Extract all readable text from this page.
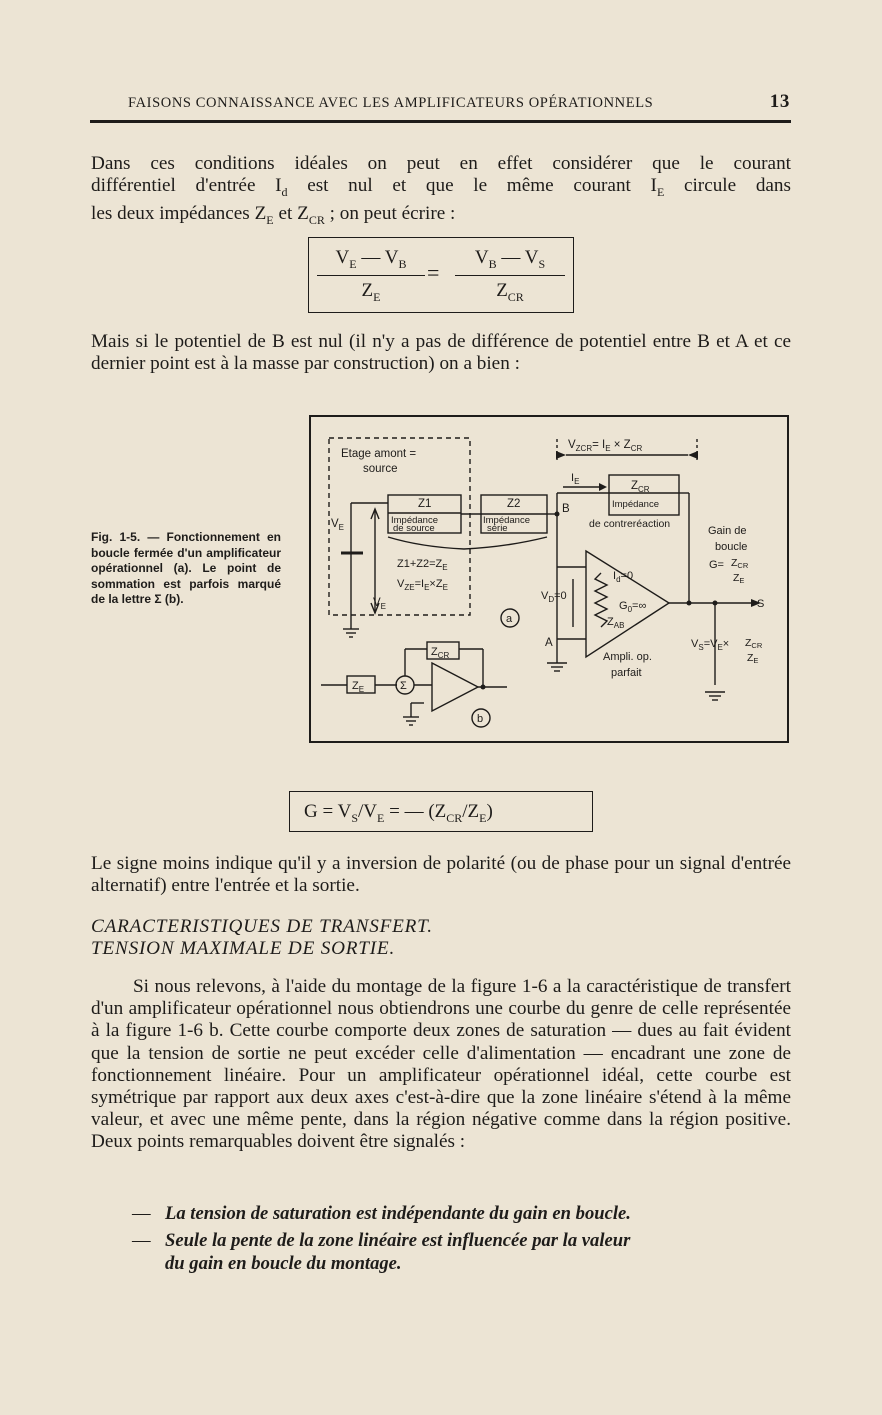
FAISONS CONNAISSANCE AVEC LES AMPLIFICATEURS OPÉRATIONNELS	13
Dans ces conditions idéales on peut en effet considérer que le courant
différentiel d'entrée $I_d$ est nul et que le même courant $I_E$ circule dans
les deux impédances $Z_E$ et $Z_{CR}$ ; on peut écrire :
$\frac{V_E — V_B}{Z_E}$ =
$V_B$ — $V_S$
$Z_{CR}$
Mais si le potentiel de B est nul (il n'y a pas de différence de potentiel entre B et A et ce dernier point est à la masse par construction) on a bien :
Fig. 1-5. — Fonctionnement en boucle fermée d'un amplificateur opérationnel (a). Le point de sommation est parfois marqué de la lettre Σ (b).
Etage amont =
source
$V_{ZCR}= I_E \times Z_{CR}$
$I_E$
Z1
Impédance
de source
Z2
Impédance
série
$Z_{CR}$
Impédance
de contreréaction
B
A
$V_E$
$V_E$
$Z1+Z2=Z_E$
$V_{ZE}=I_E\times Z_E$
$V_D=0$
$I_d=0$
$G_0=\infty$
$Z_{AB}$
Ampli. op.
parfait
Gain de
boucle
G= ZCR
ZE
S
$V_S=V_E\times$ ZCR
ZE
a
b
Σ
$Z_E$
$Z_{CR}$
$G = V_S/V_E$ = — $(Z_{CR}/Z_E)$
Le signe moins indique qu'il y a inversion de polarité (ou de phase pour un signal d'entrée alternatif) entre l'entrée et la sortie.
CARACTERISTIQUES DE TRANSFERT.
TENSION MAXIMALE DE SORTIE.
Si nous relevons, à l'aide du montage de la figure 1-6 a la caractéristique de transfert d'un amplificateur opérationnel nous obtiendrons une courbe du genre de celle représentée à la figure 1-6 b. Cette courbe comporte deux zones de saturation — dues au fait évident que la tension de sortie ne peut excéder celle d'alimentation — encadrant une zone de fonctionnement linéaire. Pour un amplificateur opérationnel idéal, cette courbe est symétrique par rapport aux deux axes c'est-à-dire que la zone linéaire s'étend à la même valeur, et avec une même pente, dans la région négative comme dans la région positive. Deux points remarquables doivent être signalés :
— La tension de saturation est indépendante du gain en boucle.
— Seule la pente de la zone linéaire est influencée par la valeur
du gain en boucle du montage.
